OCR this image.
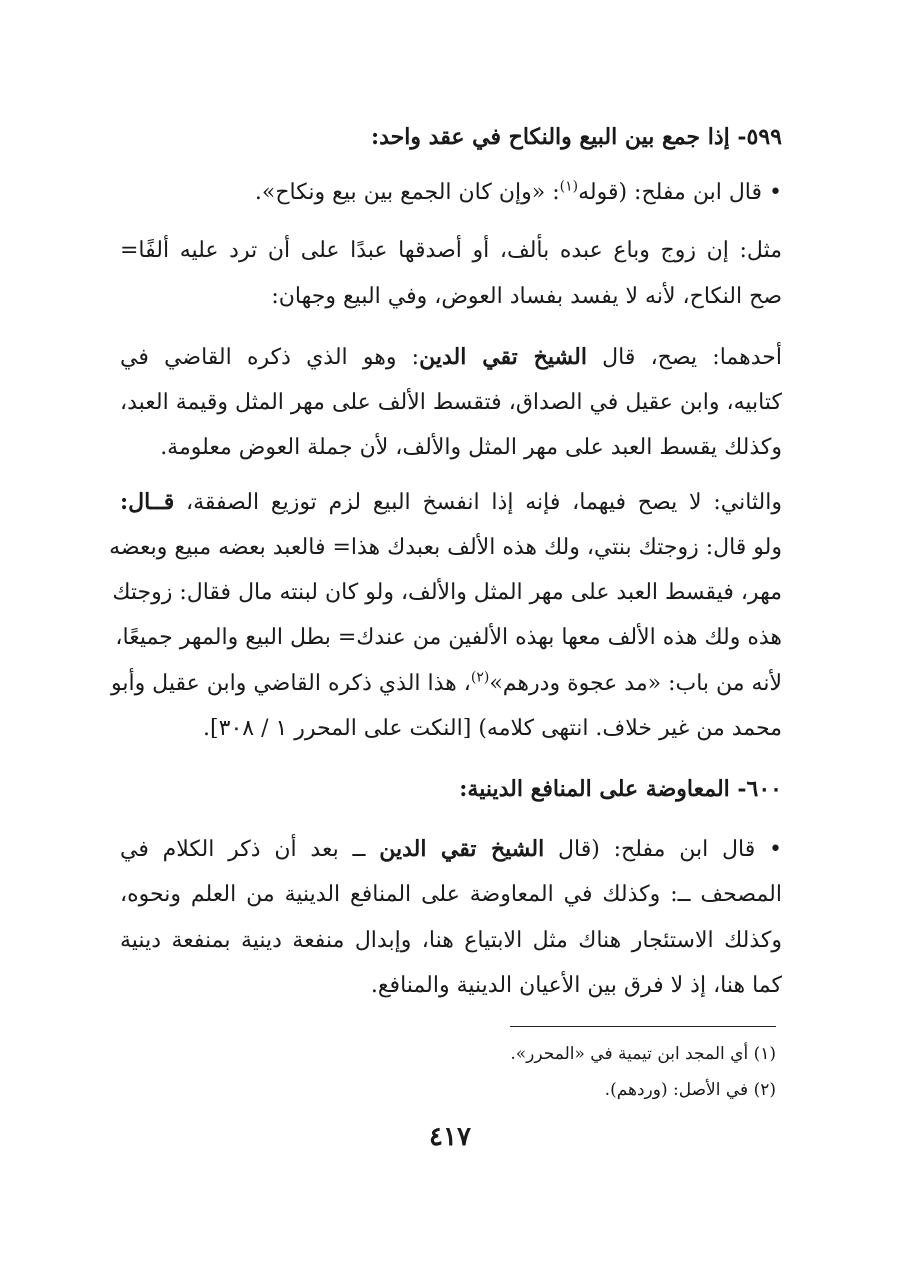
٥٩٩- إذا جمع بين البيع والنكاح في عقد واحد:
• قال ابن مفلح: (قوله$^{(١)}$: «وإن كان الجمع بين بيع ونكاح».
مثل: إن زوج وباع عبده بألف، أو أصدقها عبدًا على أن ترد عليه ألفًا=
صح النكاح، لأنه لا يفسد بفساد العوض، وفي البيع وجهان:
أحدهما: يصح، قال الشيخ تقي الدين: وهو الذي ذكره القاضي في
كتابيه، وابن عقيل في الصداق، فتقسط الألف على مهر المثل وقيمة العبد،
وكذلك يقسط العبد على مهر المثل والألف، لأن جملة العوض معلومة.
والثاني: لا يصح فيهما، فإنه إذا انفسخ البيع لزم توزيع الصفقة، قــال:
ولو قال: زوجتك بنتي، ولك هذه الألف بعبدك هذا= فالعبد بعضه مبيع وبعضه
مهر، فيقسط العبد على مهر المثل والألف، ولو كان لبنته مال فقال: زوجتك
هذه ولك هذه الألف معها بهذه الألفين من عندك= بطل البيع والمهر جميعًا،
لأنه من باب: «مد عجوة ودرهم»$^{(٢)}$، هذا الذي ذكره القاضي وابن عقيل وأبو
محمد من غير خلاف. انتهى كلامه) [النكت على المحرر ١ / ٣٠٨].
٦٠٠- المعاوضة على المنافع الدينية:
• قال ابن مفلح: (قال الشيخ تقي الدين ــ بعد أن ذكر الكلام في
المصحف ــ: وكذلك في المعاوضة على المنافع الدينية من العلم ونحوه،
وكذلك الاستئجار هناك مثل الابتياع هنا، وإبدال منفعة دينية بمنفعة دينية
كما هنا، إذ لا فرق بين الأعيان الدينية والمنافع.
(١) أي المجد ابن تيمية في «المحرر».
(٢) في الأصل: (وردهم).
٤١٧
